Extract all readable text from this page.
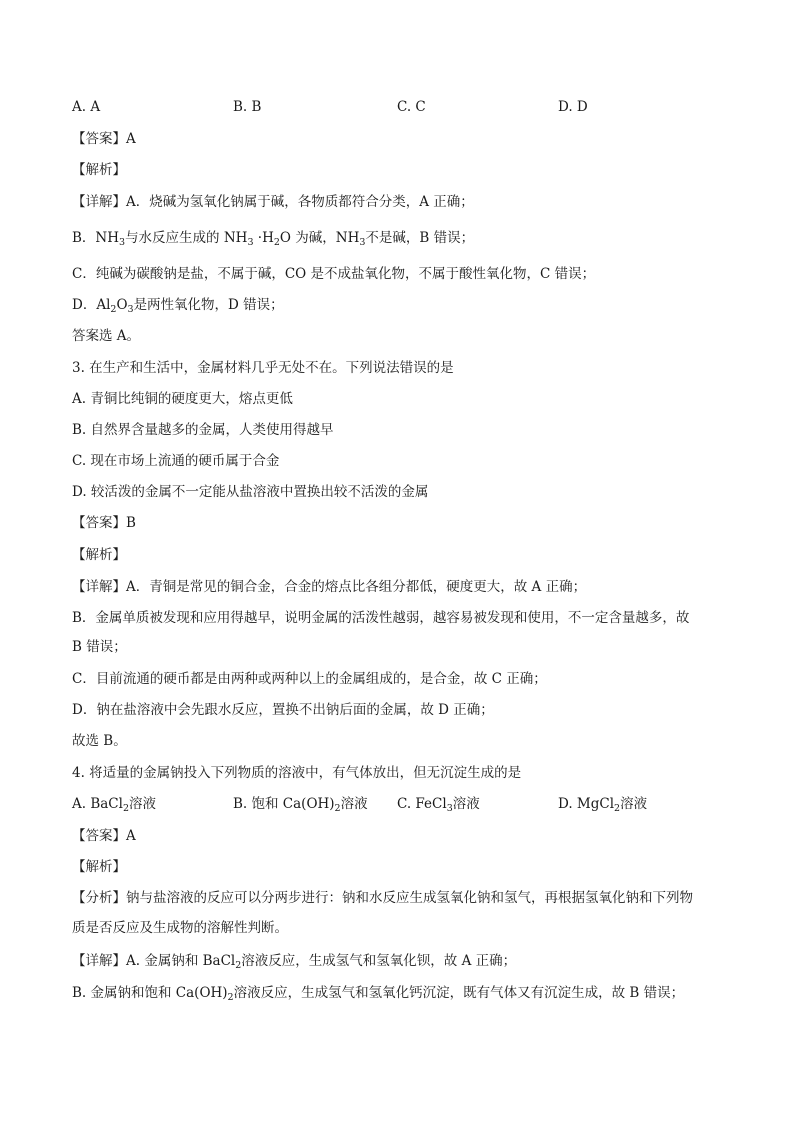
A. A	B. B	C. C	D. D
【答案】A
【解析】
【详解】A．烧碱为氢氧化钠属于碱，各物质都符合分类，A 正确；
B．$NH_3$与水反应生成的 $NH_3 \cdot H_2O$ 为碱，$NH_3$不是碱，B 错误；
C．纯碱为碳酸钠是盐，不属于碱，CO 是不成盐氧化物，不属于酸性氧化物，C 错误；
D．$Al_2O_3$是两性氧化物，D 错误；
答案选 A。
3. 在生产和生活中，金属材料几乎无处不在。下列说法错误的是
A. 青铜比纯铜的硬度更大，熔点更低
B. 自然界含量越多的金属，人类使用得越早
C. 现在市场上流通的硬币属于合金
D. 较活泼的金属不一定能从盐溶液中置换出较不活泼的金属
【答案】B
【解析】
【详解】A．青铜是常见的铜合金，合金的熔点比各组分都低，硬度更大，故 A 正确；
B．金属单质被发现和应用得越早，说明金属的活泼性越弱，越容易被发现和使用，不一定含量越多，故
B 错误；
C．目前流通的硬币都是由两种或两种以上的金属组成的，是合金，故 C 正确；
D．钠在盐溶液中会先跟水反应，置换不出钠后面的金属，故 D 正确；
故选 B。
4. 将适量的金属钠投入下列物质的溶液中，有气体放出，但无沉淀生成的是
A. BaCl$_2$溶液	B. 饱和 $Ca(OH)_2$溶液 C. FeCl$_3$溶液	D. MgCl$_2$溶液
【答案】A
【解析】
【分析】钠与盐溶液的反应可以分两步进行：钠和水反应生成氢氧化钠和氢气，再根据氢氧化钠和下列物
质是否反应及生成物的溶解性判断。
【详解】A. 金属钠和 BaCl$_2$溶液反应，生成氢气和氢氧化钡，故 A 正确；
B. 金属钠和饱和 $Ca(OH)_2$溶液反应，生成氢气和氢氧化钙沉淀，既有气体又有沉淀生成，故 B 错误；
